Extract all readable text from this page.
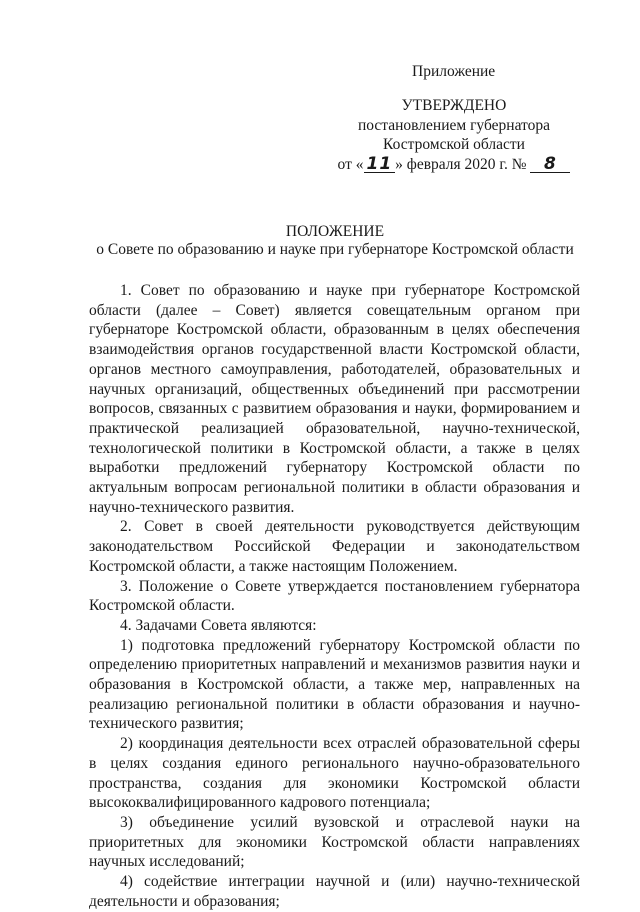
Приложение
УТВЕРЖДЕНО
постановлением губернатора
Костромской области
от « 11 » февраля 2020 г. № 8
ПОЛОЖЕНИЕ
о Совете по образованию и науке при губернаторе Костромской области

1. Совет по образованию и науке при губернаторе Костромской области (далее – Совет) является совещательным органом при губернаторе Костромской области, образованным в целях обеспечения взаимодействия органов государственной власти Костромской области, органов местного самоуправления, работодателей, образовательных и научных организаций, общественных объединений при рассмотрении вопросов, связанных с развитием образования и науки, формированием и практической реализацией образовательной, научно-технической, технологической политики в Костромской области, а также в целях выработки предложений губернатору Костромской области по актуальным вопросам региональной политики в области образования и научно-технического развития.

2. Совет в своей деятельности руководствуется действующим законодательством Российской Федерации и законодательством Костромской области, а также настоящим Положением.

3. Положение о Совете утверждается постановлением губернатора Костромской области.

4. Задачами Совета являются:

1) подготовка предложений губернатору Костромской области по определению приоритетных направлений и механизмов развития науки и образования в Костромской области, а также мер, направленных на реализацию региональной политики в области образования и научно-технического развития;

2) координация деятельности всех отраслей образовательной сферы в целях создания единого регионального научно-образовательного пространства, создания для экономики Костромской области высококвалифицированного кадрового потенциала;

3) объединение усилий вузовской и отраслевой науки на приоритетных для экономики Костромской области направлениях научных исследований;

4) содействие интеграции научной и (или) научно-технической деятельности и образования;
